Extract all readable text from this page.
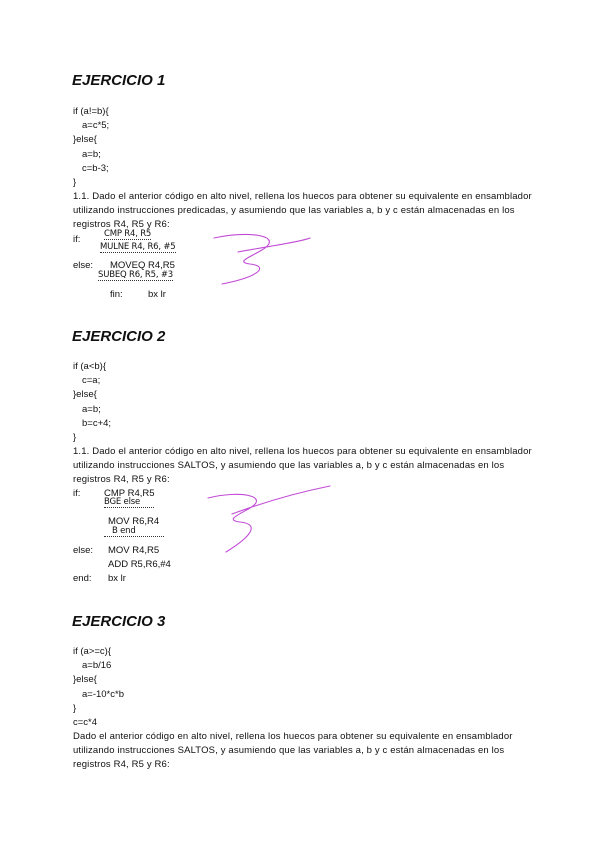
EJERCICIO 1
if (a!=b){
a=c*5;
}else{
a=b;
c=b-3;
}
1.1. Dado el anterior código en alto nivel, rellena los huecos para obtener su equivalente en ensamblador utilizando instrucciones predicadas, y asumiendo que las variables a, b y c están almacenadas en los registros R4, R5 y R6:
if:	CMP R4, R5
MULNE R4, R6, #5
else: MOVEQ R4,R5
SUBEQ R6, R5, #3
fin:	bx lr
EJERCICIO 2
if (a<b){
c=a;
}else{
a=b;
b=c+4;
}
1.1. Dado el anterior código en alto nivel, rellena los huecos para obtener su equivalente en ensamblador utilizando instrucciones SALTOS, y asumiendo que las variables a, b y c están almacenadas en los registros R4, R5 y R6:
if: CMP R4,R5
BGE else
MOV R6,R4
B end
else: MOV R4,R5
ADD R5,R6,#4
end: bx lr
EJERCICIO 3
if (a>=c){
a=b/16
}else{
a=-10*c*b
}
c=c*4
Dado el anterior código en alto nivel, rellena los huecos para obtener su equivalente en ensamblador utilizando instrucciones SALTOS, y asumiendo que las variables a, b y c están almacenadas en los registros R4, R5 y R6:
